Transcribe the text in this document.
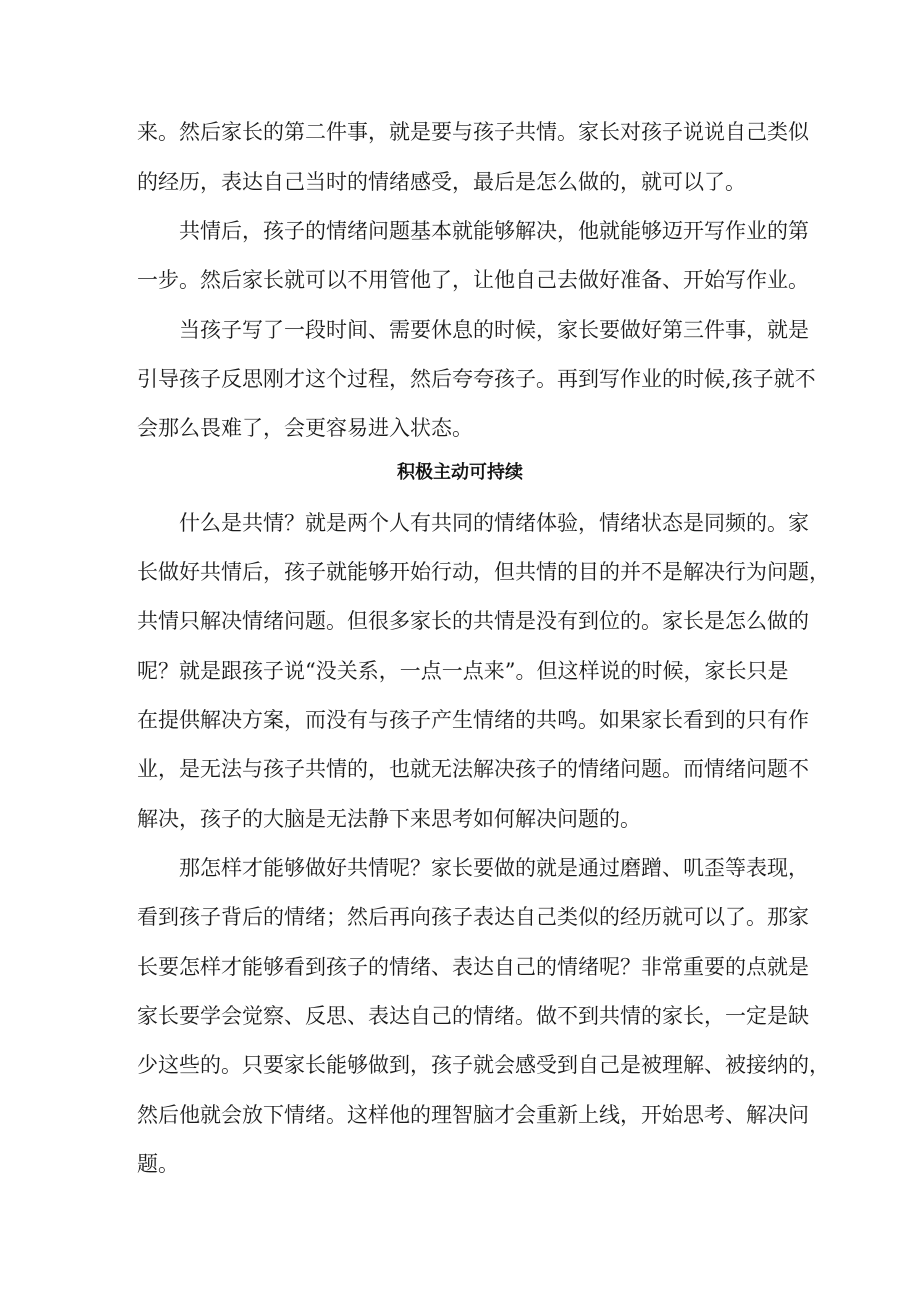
来。然后家长的第二件事，就是要与孩子共情。家长对孩子说说自己类似
的经历，表达自己当时的情绪感受，最后是怎么做的，就可以了。
共情后，孩子的情绪问题基本就能够解决，他就能够迈开写作业的第
一步。然后家长就可以不用管他了，让他自己去做好准备、开始写作业。
当孩子写了一段时间、需要休息的时候，家长要做好第三件事，就是
引导孩子反思刚才这个过程，然后夸夸孩子。再到写作业的时候,孩子就不
会那么畏难了，会更容易进入状态。
积极主动可持续
什么是共情？就是两个人有共同的情绪体验，情绪状态是同频的。家
长做好共情后，孩子就能够开始行动，但共情的目的并不是解决行为问题，
共情只解决情绪问题。但很多家长的共情是没有到位的。家长是怎么做的
呢？就是跟孩子说“没关系，一点一点来”。但这样说的时候，家长只是
在提供解决方案，而没有与孩子产生情绪的共鸣。如果家长看到的只有作
业，是无法与孩子共情的，也就无法解决孩子的情绪问题。而情绪问题不
解决，孩子的大脑是无法静下来思考如何解决问题的。
那怎样才能够做好共情呢？家长要做的就是通过磨蹭、叽歪等表现，
看到孩子背后的情绪；然后再向孩子表达自己类似的经历就可以了。那家
长要怎样才能够看到孩子的情绪、表达自己的情绪呢？非常重要的点就是
家长要学会觉察、反思、表达自己的情绪。做不到共情的家长，一定是缺
少这些的。只要家长能够做到，孩子就会感受到自己是被理解、被接纳的，
然后他就会放下情绪。这样他的理智脑才会重新上线，开始思考、解决问
题。
